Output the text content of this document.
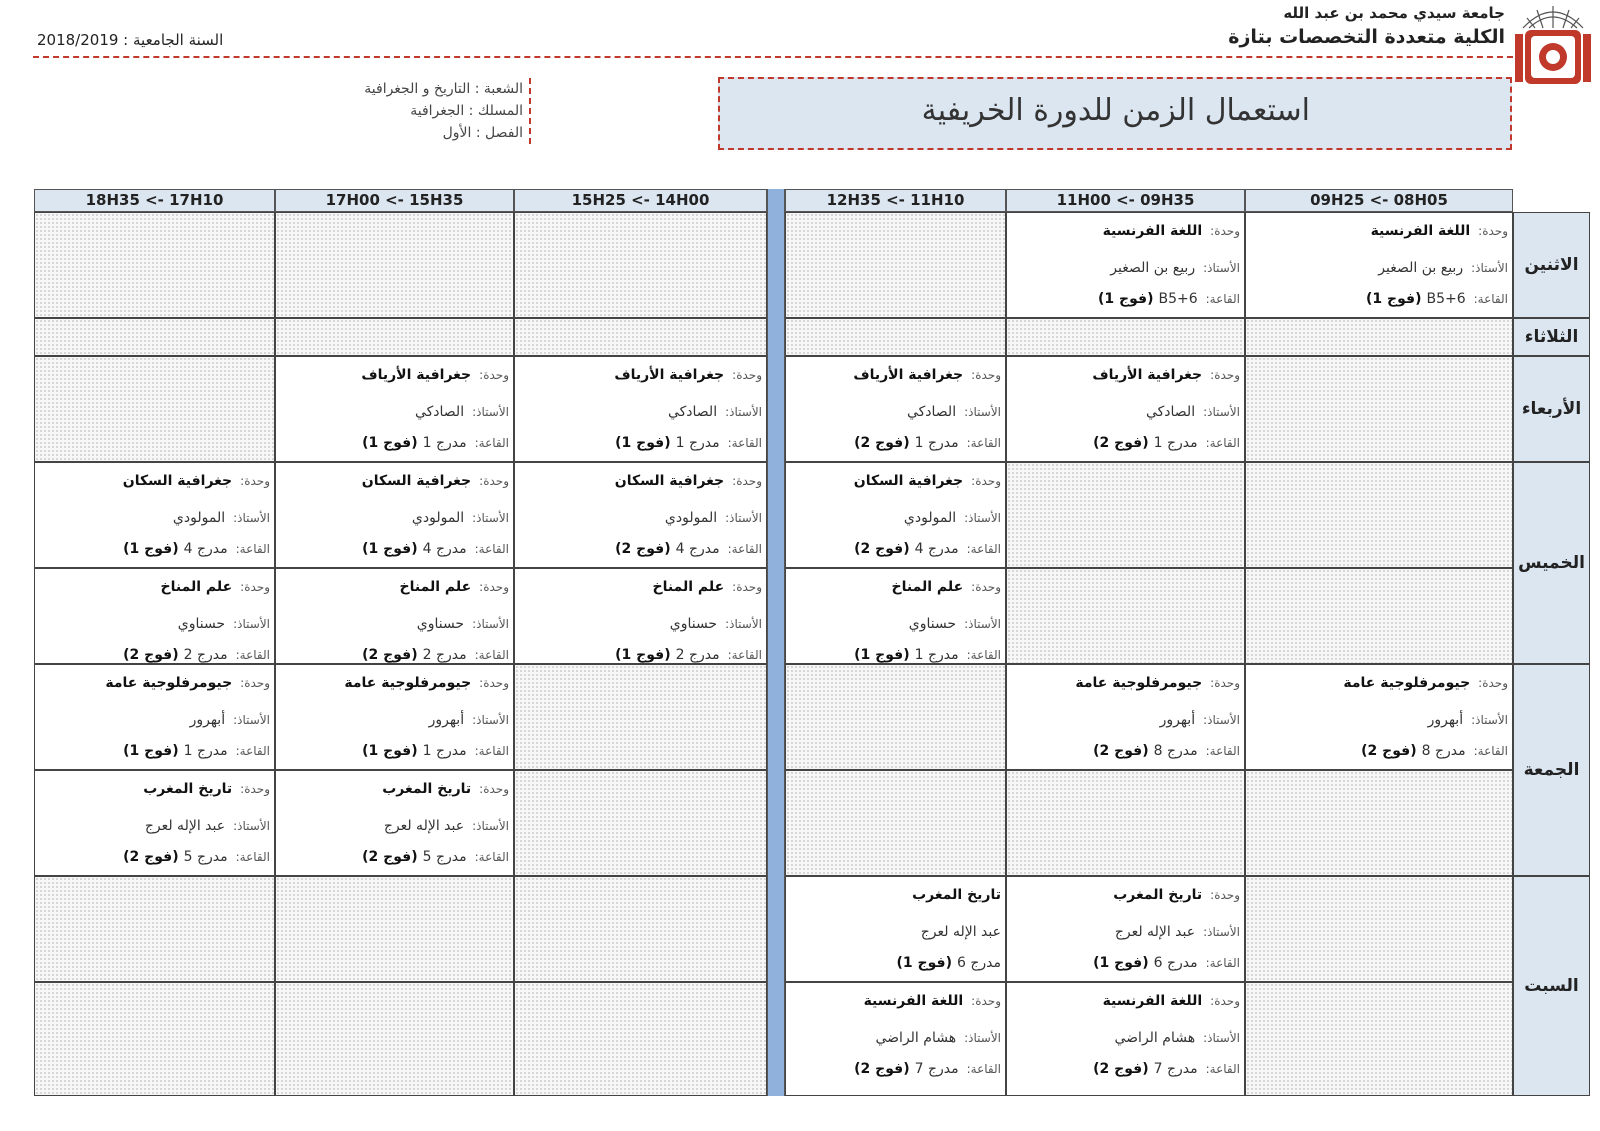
جامعة سيدي محمد بن عبد الله
الكلية متعددة التخصصات بتازة
السنة الجامعية : 2018/2019
استعمال الزمن للدورة الخريفية
الشعبة : التاريخ و الجغرافية
المسلك : الجغرافية
الفصل : الأول
09H25 <- 08H05
11H00 <- 09H35
12H35 <- 11H10
15H25 <- 14H00
17H00 <- 15H35
18H35 <- 17H10
الاثنين
الثلاثاء
الأربعاء
الخميس
الجمعة
السبت
وحدة:
اللغة الفرنسية
الأستاذ:
ربيع بن الصغير
القاعة:
B5+6
(فوج 1)
وحدة:
اللغة الفرنسية
الأستاذ:
ربيع بن الصغير
القاعة:
B5+6
(فوج 1)
وحدة:
جغرافية الأرياف
الأستاذ:
الصادكي
القاعة:
مدرج 1
(فوج 2)
وحدة:
جغرافية الأرياف
الأستاذ:
الصادكي
القاعة:
مدرج 1
(فوج 2)
وحدة:
جغرافية الأرياف
الأستاذ:
الصادكي
القاعة:
مدرج 1
(فوج 1)
وحدة:
جغرافية الأرياف
الأستاذ:
الصادكي
القاعة:
مدرج 1
(فوج 1)
وحدة:
جغرافية السكان
الأستاذ:
المولودي
القاعة:
مدرج 4
(فوج 2)
وحدة:
جغرافية السكان
الأستاذ:
المولودي
القاعة:
مدرج 4
(فوج 2)
وحدة:
جغرافية السكان
الأستاذ:
المولودي
القاعة:
مدرج 4
(فوج 1)
وحدة:
جغرافية السكان
الأستاذ:
المولودي
القاعة:
مدرج 4
(فوج 1)
وحدة:
علم المناخ
الأستاذ:
حسناوي
القاعة:
مدرج 1
(فوج 1)
وحدة:
علم المناخ
الأستاذ:
حسناوي
القاعة:
مدرج 2
(فوج 1)
وحدة:
علم المناخ
الأستاذ:
حسناوي
القاعة:
مدرج 2
(فوج 2)
وحدة:
علم المناخ
الأستاذ:
حسناوي
القاعة:
مدرج 2
(فوج 2)
وحدة:
جيومرفلوجية عامة
الأستاذ:
أبهرور
القاعة:
مدرج 8
(فوج 2)
وحدة:
جيومرفلوجية عامة
الأستاذ:
أبهرور
القاعة:
مدرج 8
(فوج 2)
وحدة:
جيومرفلوجية عامة
الأستاذ:
أبهرور
القاعة:
مدرج 1
(فوج 1)
وحدة:
جيومرفلوجية عامة
الأستاذ:
أبهرور
القاعة:
مدرج 1
(فوج 1)
وحدة:
تاريخ المغرب
الأستاذ:
عبد الإله لعرج
القاعة:
مدرج 5
(فوج 2)
وحدة:
تاريخ المغرب
الأستاذ:
عبد الإله لعرج
القاعة:
مدرج 5
(فوج 2)
وحدة:
تاريخ المغرب
الأستاذ:
عبد الإله لعرج
القاعة:
مدرج 6
(فوج 1)
تاريخ المغرب
عبد الإله لعرج
مدرج 6
(فوج 1)
وحدة:
اللغة الفرنسية
الأستاذ:
هشام الراضي
القاعة:
مدرج 7
(فوج 2)
وحدة:
اللغة الفرنسية
الأستاذ:
هشام الراضي
القاعة:
مدرج 7
(فوج 2)
